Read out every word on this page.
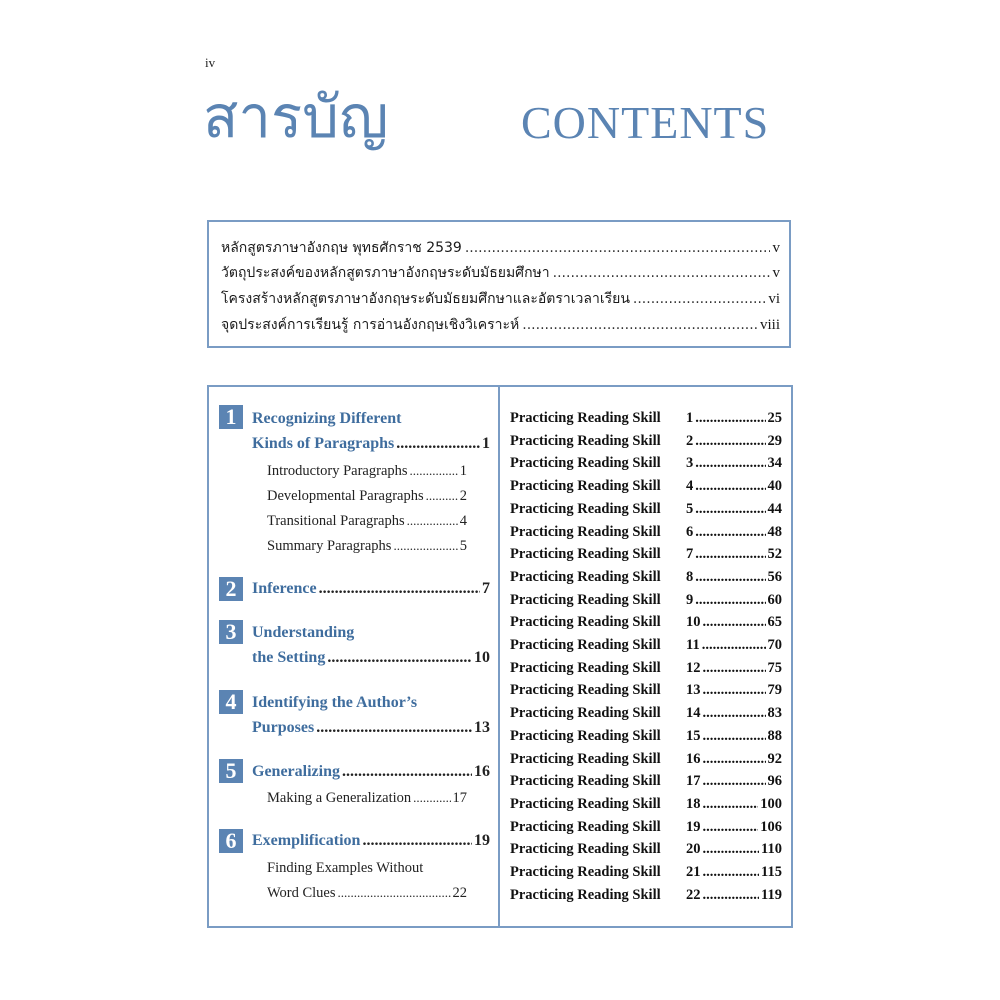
iv
สารบัญ	CONTENTS
หลักสูตรภาษาอังกฤษ พุทธศักราช 2539 .....	v
วัตถุประสงค์ของหลักสูตรภาษาอังกฤษระดับมัธยมศึกษา .....	v
โครงสร้างหลักสูตรภาษาอังกฤษระดับมัธยมศึกษาและอัตราเวลาเรียน .....	vi
จุดประสงค์การเรียนรู้ การอ่านอังกฤษเชิงวิเคราะห์ .....	viii
1 Recognizing Different
Kinds of Paragraphs .....	1
Introductory Paragraphs .....	1
Developmental Paragraphs ..... 2
Transitional Paragraphs .....	4
Summary Paragraphs .....	5
2 Inference .....	7
3 Understanding
the Setting .....	10
4 Identifying the Author’s
Purposes .....	13
5 Generalizing .....	16
Making a Generalization .....	17
6 Exemplification .....	19
Finding Examples Without
Word Clues .....	22
Practicing Reading Skill	1 .....	25
Practicing Reading Skill	2 .....	29
Practicing Reading Skill	3 .....	34
Practicing Reading Skill	4 .....	40
Practicing Reading Skill	5 .....	44
Practicing Reading Skill	6 .....	48
Practicing Reading Skill	7 .....	52
Practicing Reading Skill	8 .....	56
Practicing Reading Skill	9 .....	60
Practicing Reading Skill	10 .....	65
Practicing Reading Skill	11 .....	70
Practicing Reading Skill	12 .....	75
Practicing Reading Skill	13 .....	79
Practicing Reading Skill	14 .....	83
Practicing Reading Skill	15 .....	88
Practicing Reading Skill	16 .....	92
Practicing Reading Skill	17 .....	96
Practicing Reading Skill	18 .....	100
Practicing Reading Skill	19 .....	106
Practicing Reading Skill	20 .....	110
Practicing Reading Skill	21 .....	115
Practicing Reading Skill	22 .....	119
